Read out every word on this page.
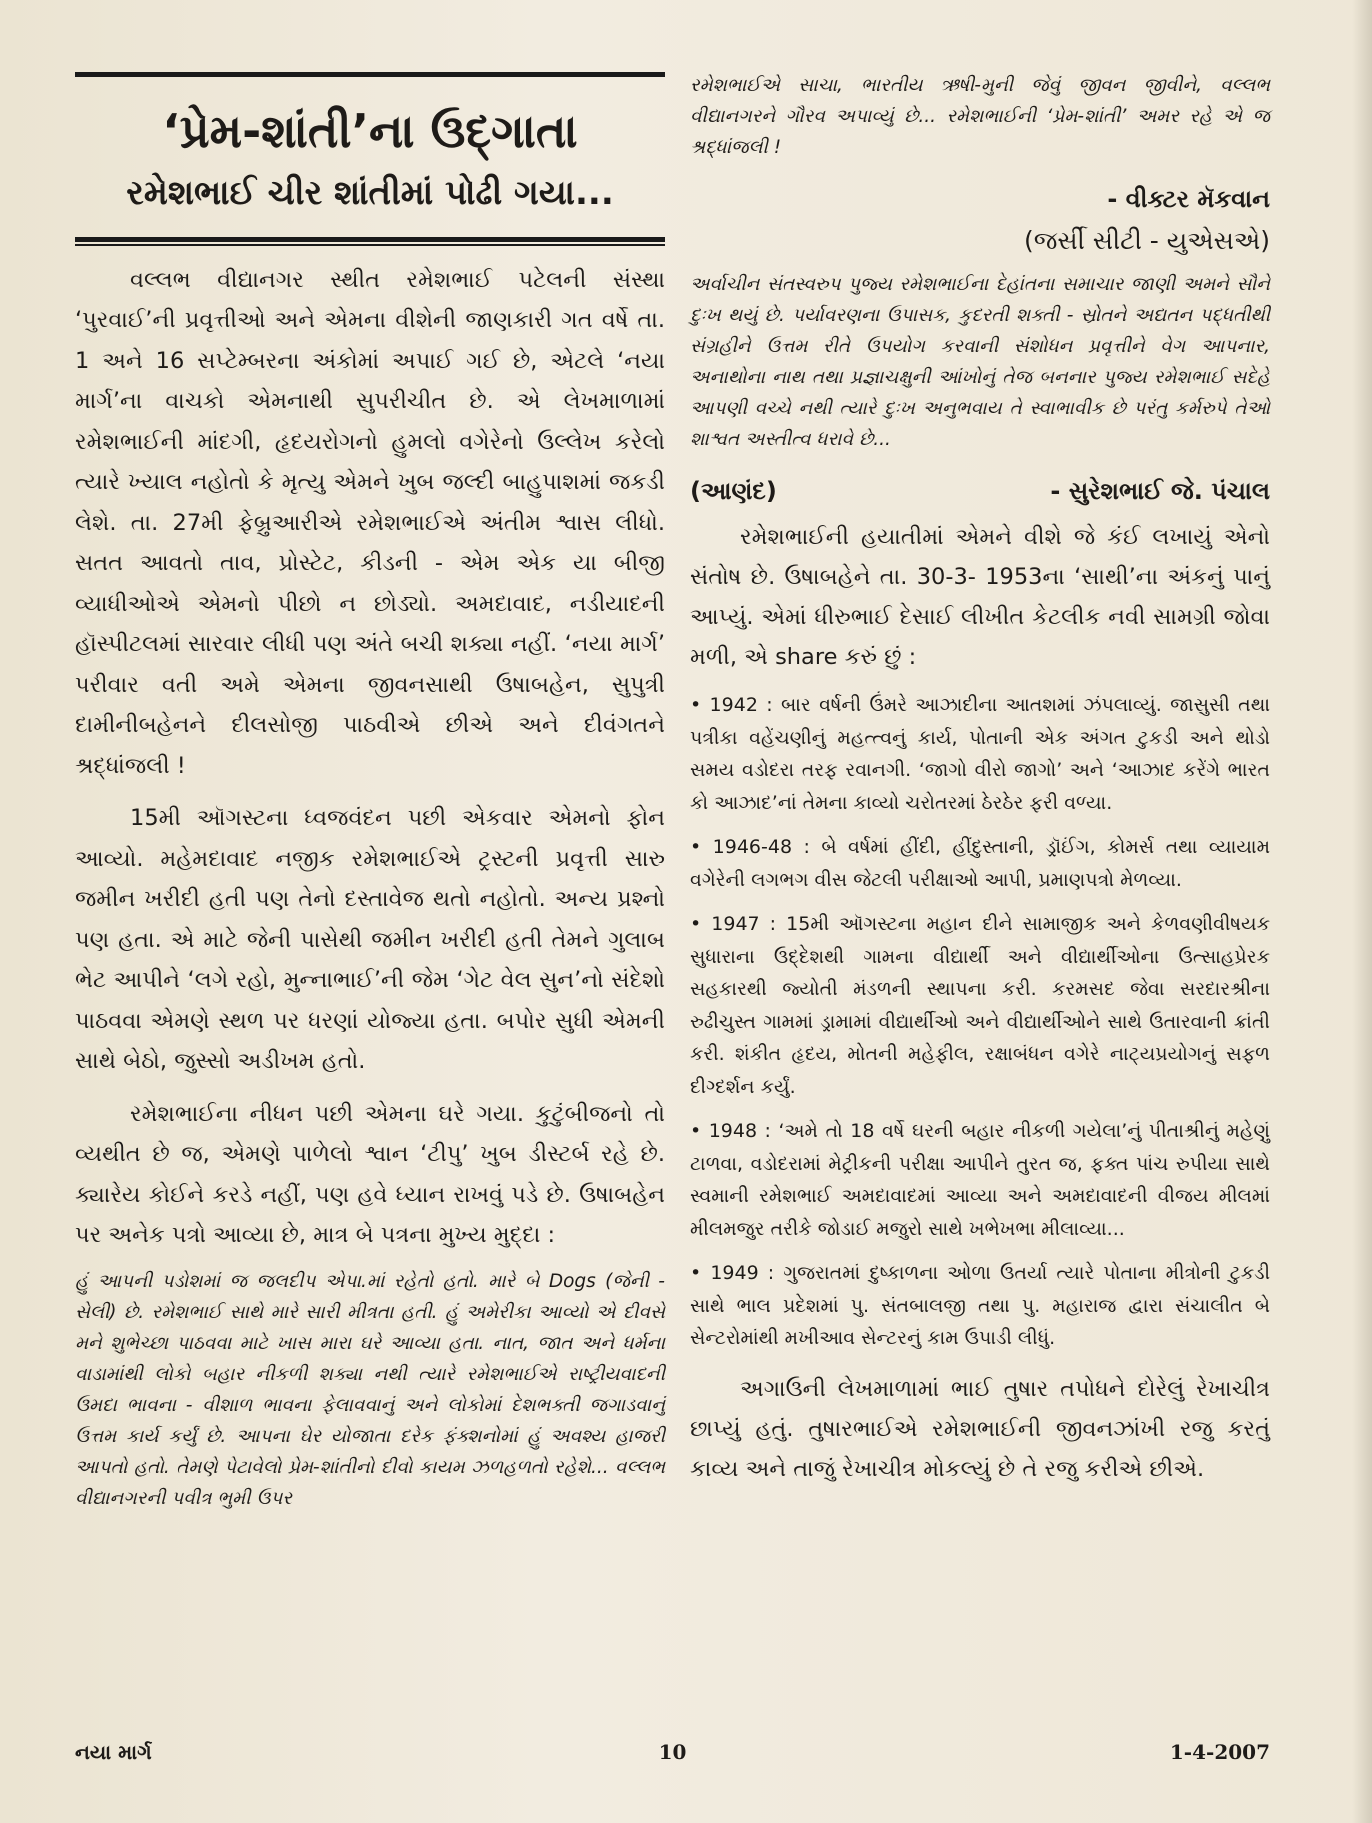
‘પ્રેમ-શાંતી’ના ઉદ્‌ગાતા
રમેશભાઈ ચીર શાંતીમાં પોઢી ગયા...

વલ્લભ વીદ્યાનગર સ્થીત રમેશભાઈ પટેલની સંસ્થા ‘પુરવાઈ’ની પ્રવૃત્તીઓ અને એમના વીશેની જાણકારી ગત વર્ષે તા. 1 અને 16 સપ્ટેમ્બરના અંકોમાં અપાઈ ગઈ છે, એટલે ‘નયા માર્ગ’ના વાચકો એમનાથી સુપરીચીત છે. એ લેખમાળામાં રમેશભાઈની માંદગી, હૃદયરોગનો હુમલો વગેરેનો ઉલ્લેખ કરેલો ત્યારે ખ્યાલ નહોતો કે મૃત્યુ એમને ખુબ જલ્દી બાહુપાશમાં જકડી લેશે. તા. 27મી ફેબ્રુઆરીએ રમેશભાઈએ અંતીમ શ્વાસ લીધો. સતત આવતો તાવ, પ્રોસ્ટેટ, કીડની - એમ એક યા બીજી વ્યાધીઓએ એમનો પીછો ન છોડ્યો. અમદાવાદ, નડીયાદની હૉસ્પીટલમાં સારવાર લીધી પણ અંતે બચી શક્યા નહીં. ‘નયા માર્ગ’ પરીવાર વતી અમે એમના જીવનસાથી ઉષાબહેન, સુપુત્રી દામીનીબહેનને દીલસોજી પાઠવીએ છીએ અને દીવંગતને શ્રદ્ધાંજલી !

15મી ઑગસ્ટના ધ્વજવંદન પછી એકવાર એમનો ફોન આવ્યો. મહેમદાવાદ નજીક રમેશભાઈએ ટ્રસ્ટની પ્રવૃત્તી સારુ જમીન ખરીદી હતી પણ તેનો દસ્તાવેજ થતો નહોતો. અન્ય પ્રશ્નો પણ હતા. એ માટે જેની પાસેથી જમીન ખરીદી હતી તેમને ગુલાબ ભેટ આપીને ‘લગે રહો, મુન્નાભાઈ’ની જેમ ‘ગેટ વેલ સુન’નો સંદેશો પાઠવવા એમણે સ્થળ પર ધરણાં યોજ્યા હતા. બપોર સુધી એમની સાથે બેઠો, જુસ્સો અડીખમ હતો.

રમેશભાઈના નીધન પછી એમના ઘરે ગયા. કુટુંબીજનો તો વ્યથીત છે જ, એમણે પાળેલો શ્વાન ‘ટીપુ’ ખુબ ડીસ્ટર્બ રહે છે. ક્યારેય કોઈને કરડે નહીં, પણ હવે ધ્યાન રાખવું પડે છે. ઉષાબહેન પર અનેક પત્રો આવ્યા છે, માત્ર બે પત્રના મુખ્ય મુદ્દા :

હું આપની પડોશમાં જ જલદીપ એપા.માં રહેતો હતો. મારે બે Dogs (જેની - સેલી) છે. રમેશભાઈ સાથે મારે સારી મીત્રતા હતી. હું અમેરીકા આવ્યો એ દીવસે મને શુભેચ્છા પાઠવવા માટે ખાસ મારા ઘરે આવ્યા હતા. નાત, જાત અને ધર્મના વાડામાંથી લોકો બહાર નીકળી શક્યા નથી ત્યારે રમેશભાઈએ રાષ્ટ્રીયવાદની ઉમદા ભાવના - વીશાળ ભાવના ફેલાવવાનું અને લોકોમાં દેશભક્તી જગાડવાનું ઉત્તમ કાર્ય કર્યું છે. આપના ઘેર યોજાતા દરેક ફંક્શનોમાં હું અવશ્ય હાજરી આપતો હતો. તેમણે પેટાવેલો પ્રેમ-શાંતીનો દીવો કાયમ ઝળહળતો રહેશે... વલ્લભ વીદ્યાનગરની પવીત્ર ભુમી ઉપર

રમેશભાઈએ સાચા, ભારતીય ઋષી-મુની જેવું જીવન જીવીને, વલ્લભ વીદ્યાનગરને ગૌરવ અપાવ્યું છે... રમેશભાઈની ‘પ્રેમ-શાંતી’ અમર રહે એ જ શ્રદ્ધાંજલી !

- વીક્ટર મૅકવાન
(જર્સી સીટી - યુએસએ)

અર્વાચીન સંતસ્વરુપ પુજ્ય રમેશભાઈના દેહાંતના સમાચાર જાણી અમને સૌને દુઃખ થયું છે. પર્યાવરણના ઉપાસક, કુદરતી શક્તી - સ્રોતને અદ્યતન પદ્ધતીથી સંગ્રહીને ઉત્તમ રીતે ઉપયોગ કરવાની સંશોધન પ્રવૃત્તીને વેગ આપનાર, અનાથોના નાથ તથા પ્રજ્ઞાચક્ષુની આંખોનું તેજ બનનાર પુજ્ય રમેશભાઈ સદેહે આપણી વચ્ચે નથી ત્યારે દુઃખ અનુભવાય તે સ્વાભાવીક છે પરંતુ કર્મરુપે તેઓ શાશ્વત અસ્તીત્વ ધરાવે છે...

(આણંદ)	- સુરેશભાઈ જે. પંચાલ

રમેશભાઈની હયાતીમાં એમને વીશે જે કંઈ લખાયું એનો સંતોષ છે. ઉષાબહેને તા. 30-3- 1953ના ‘સાથી’ના અંકનું પાનું આપ્યું. એમાં ધીરુભાઈ દેસાઈ લીખીત કેટલીક નવી સામગ્રી જોવા મળી, એ share કરું છું :

• 1942 : બાર વર્ષની ઉંમરે આઝાદીના આતશમાં ઝંપલાવ્યું. જાસુસી તથા પત્રીકા વહેંચણીનું મહત્ત્વનું કાર્ય, પોતાની એક અંગત ટુકડી અને થોડો સમય વડોદરા તરફ રવાનગી. ‘જાગો વીરો જાગો’ અને ‘આઝાદ કરેંગે ભારત કો આઝાદ’નાં તેમના કાવ્યો ચરોતરમાં ઠેરઠેર ફરી વળ્યા.

• 1946-48 : બે વર્ષમાં હીંદી, હીંદુસ્તાની, ડ્રૉઈંગ, કોમર્સ તથા વ્યાયામ વગેરેની લગભગ વીસ જેટલી પરીક્ષાઓ આપી, પ્રમાણપત્રો મેળવ્યા.

• 1947 : 15મી ઑગસ્ટના મહાન દીને સામાજીક અને કેળવણીવીષયક સુધારાના ઉદ્દેશથી ગામના વીદ્યાર્થી અને વીદ્યાર્થીઓના ઉત્સાહપ્રેરક સહકારથી જ્યોતી મંડળની સ્થાપના કરી. કરમસદ જેવા સરદારશ્રીના રુઢીચુસ્ત ગામમાં ડ્રામામાં વીદ્યાર્થીઓ અને વીદ્યાર્થીઓને સાથે ઉતારવાની ક્રાંતી કરી. શંકીત હૃદય, મોતની મહેફીલ, રક્ષાબંધન વગેરે નાટ્યપ્રયોગનું સફળ દીગ્દર્શન કર્યું.

• 1948 : ‘અમે તો 18 વર્ષે ઘરની બહાર નીકળી ગયેલા’નું પીતાશ્રીનું મહેણું ટાળવા, વડોદરામાં મેટ્રીકની પરીક્ષા આપીને તુરત જ, ફક્ત પાંચ રુપીયા સાથે સ્વમાની રમેશભાઈ અમદાવાદમાં આવ્યા અને અમદાવાદની વીજય મીલમાં મીલમજુર તરીકે જોડાઈ મજુરો સાથે ખભેખભા મીલાવ્યા...

• 1949 : ગુજરાતમાં દુષ્કાળના ઓળા ઉતર્યા ત્યારે પોતાના મીત્રોની ટુકડી સાથે ભાલ પ્રદેશમાં પુ. સંતબાલજી તથા પુ. મહારાજ દ્વારા સંચાલીત બે સેન્ટરોમાંથી મખીઆવ સેન્ટરનું કામ ઉપાડી લીધું.

અગાઉની લેખમાળામાં ભાઈ તુષાર તપોધને દોરેલું રેખાચીત્ર છાપ્યું હતું. તુષારભાઈએ રમેશભાઈની જીવનઝાંખી રજુ કરતું કાવ્ય અને તાજું રેખાચીત્ર મોકલ્યું છે તે રજુ કરીએ છીએ.

નયા માર્ગ	10	1-4-2007
